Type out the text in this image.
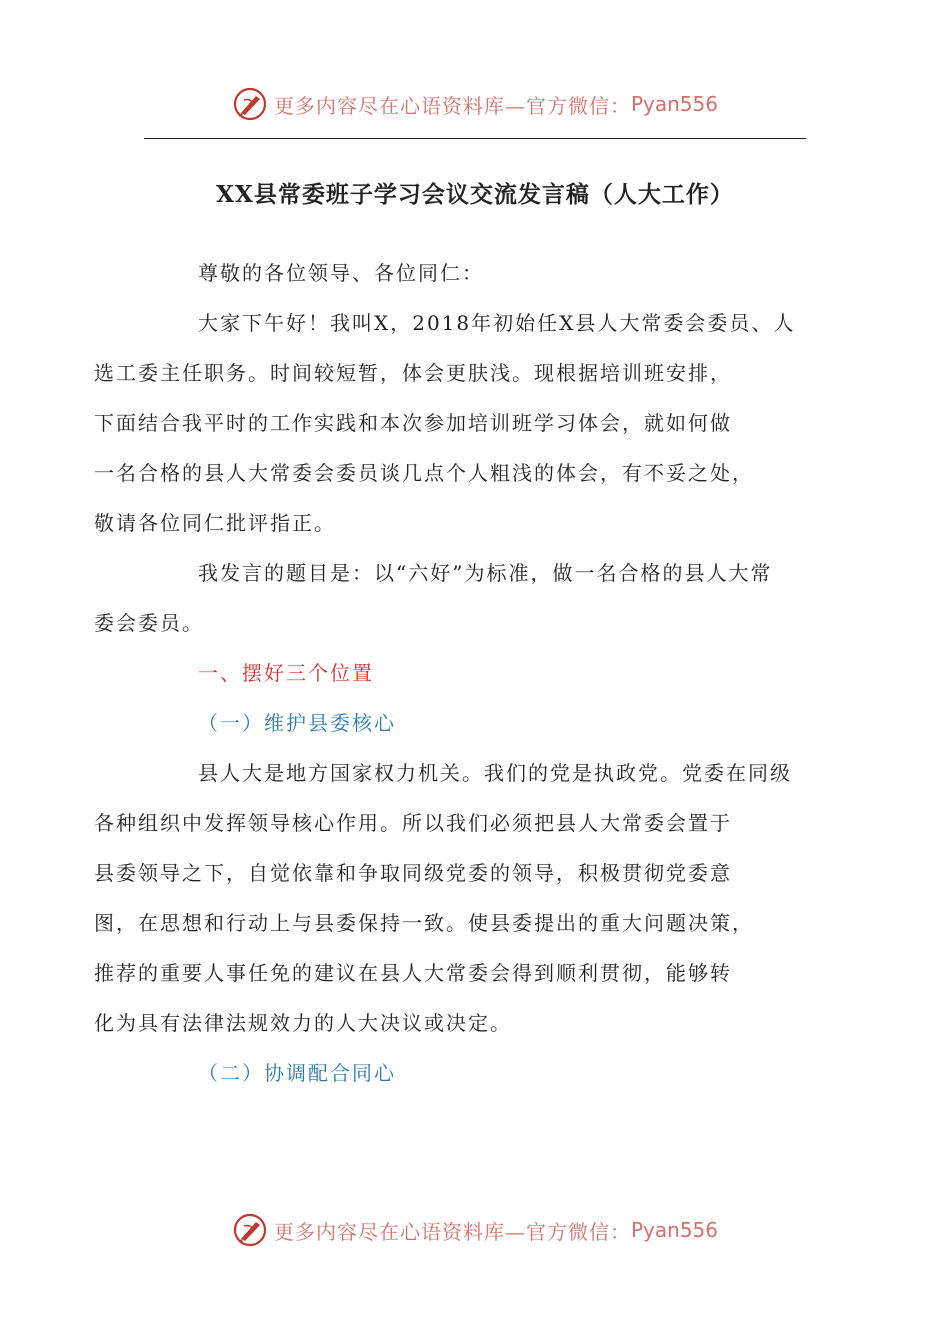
更多内容尽在心语资料库—官方微信： Pyan556
XX县常委班子学习会议交流发言稿（人大工作）

尊敬的各位领导、各位同仁：

大家下午好！我叫X，2018年初始任X县人大常委会委员、人
选工委主任职务。时间较短暂，体会更肤浅。现根据培训班安排，
下面结合我平时的工作实践和本次参加培训班学习体会，就如何做
一名合格的县人大常委会委员谈几点个人粗浅的体会，有不妥之处，
敬请各位同仁批评指正。

我发言的题目是：以“六好”为标准，做一名合格的县人大常
委会委员。

一、摆好三个位置

（一）维护县委核心

县人大是地方国家权力机关。我们的党是执政党。党委在同级
各种组织中发挥领导核心作用。所以我们必须把县人大常委会置于
县委领导之下，自觉依靠和争取同级党委的领导，积极贯彻党委意
图，在思想和行动上与县委保持一致。使县委提出的重大问题决策，
推荐的重要人事任免的建议在县人大常委会得到顺利贯彻，能够转
化为具有法律法规效力的人大决议或决定。

（二）协调配合同心

更多内容尽在心语资料库—官方微信： Pyan556
